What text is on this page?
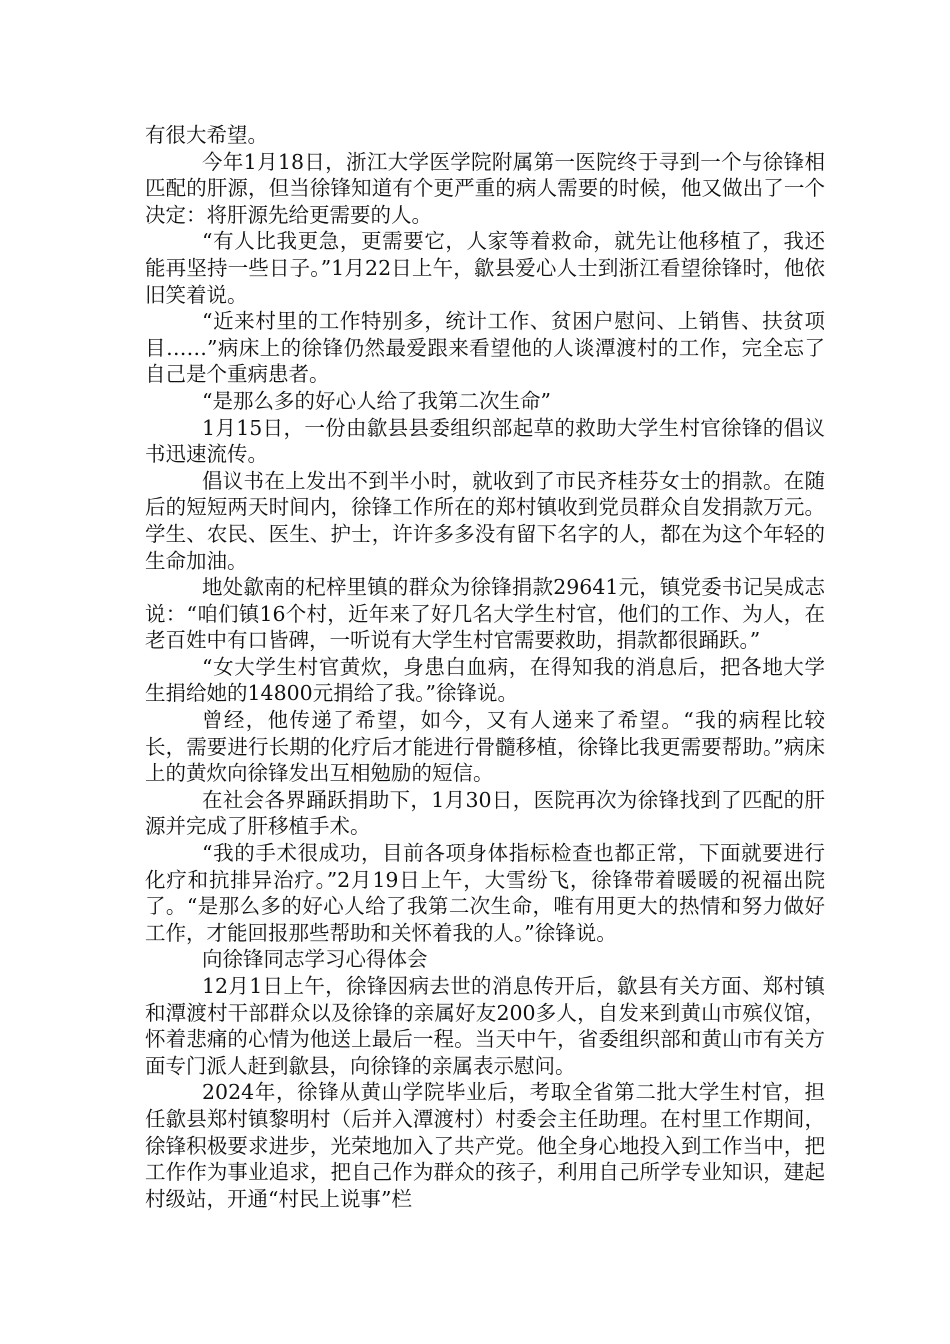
有很大希望。

今年1月18日，浙江大学医学院附属第一医院终于寻到一个与徐锋相匹配的肝源，但当徐锋知道有个更严重的病人需要的时候，他又做出了一个决定：将肝源先给更需要的人。

“有人比我更急，更需要它，人家等着救命，就先让他移植了，我还能再坚持一些日子。”1月22日上午，歙县爱心人士到浙江看望徐锋时，他依旧笑着说。

“近来村里的工作特别多，统计工作、贫困户慰问、上销售、扶贫项目……”病床上的徐锋仍然最爱跟来看望他的人谈潭渡村的工作，完全忘了自己是个重病患者。

“是那么多的好心人给了我第二次生命”

1月15日，一份由歙县县委组织部起草的救助大学生村官徐锋的倡议书迅速流传。

倡议书在上发出不到半小时，就收到了市民齐桂芬女士的捐款。在随后的短短两天时间内，徐锋工作所在的郑村镇收到党员群众自发捐款万元。学生、农民、医生、护士，许许多多没有留下名字的人，都在为这个年轻的生命加油。

地处歙南的杞梓里镇的群众为徐锋捐款29641元，镇党委书记吴成志说：“咱们镇16个村，近年来了好几名大学生村官，他们的工作、为人，在老百姓中有口皆碑，一听说有大学生村官需要救助，捐款都很踊跃。”

“女大学生村官黄炊，身患白血病，在得知我的消息后，把各地大学生捐给她的14800元捐给了我。”徐锋说。

曾经，他传递了希望，如今，又有人递来了希望。“我的病程比较长，需要进行长期的化疗后才能进行骨髓移植，徐锋比我更需要帮助。”病床上的黄炊向徐锋发出互相勉励的短信。

在社会各界踊跃捐助下，1月30日，医院再次为徐锋找到了匹配的肝源并完成了肝移植手术。

“我的手术很成功，目前各项身体指标检查也都正常，下面就要进行化疗和抗排异治疗。”2月19日上午，大雪纷飞，徐锋带着暖暖的祝福出院了。“是那么多的好心人给了我第二次生命，唯有用更大的热情和努力做好工作，才能回报那些帮助和关怀着我的人。”徐锋说。

向徐锋同志学习心得体会

12月1日上午，徐锋因病去世的消息传开后，歙县有关方面、郑村镇和潭渡村干部群众以及徐锋的亲属好友200多人，自发来到黄山市殡仪馆，怀着悲痛的心情为他送上最后一程。当天中午，省委组织部和黄山市有关方面专门派人赶到歙县，向徐锋的亲属表示慰问。

2024年，徐锋从黄山学院毕业后，考取全省第二批大学生村官，担任歙县郑村镇黎明村（后并入潭渡村）村委会主任助理。在村里工作期间，徐锋积极要求进步，光荣地加入了共产党。他全身心地投入到工作当中，把工作作为事业追求，把自己作为群众的孩子，利用自己所学专业知识，建起村级站，开通“村民上说事”栏
